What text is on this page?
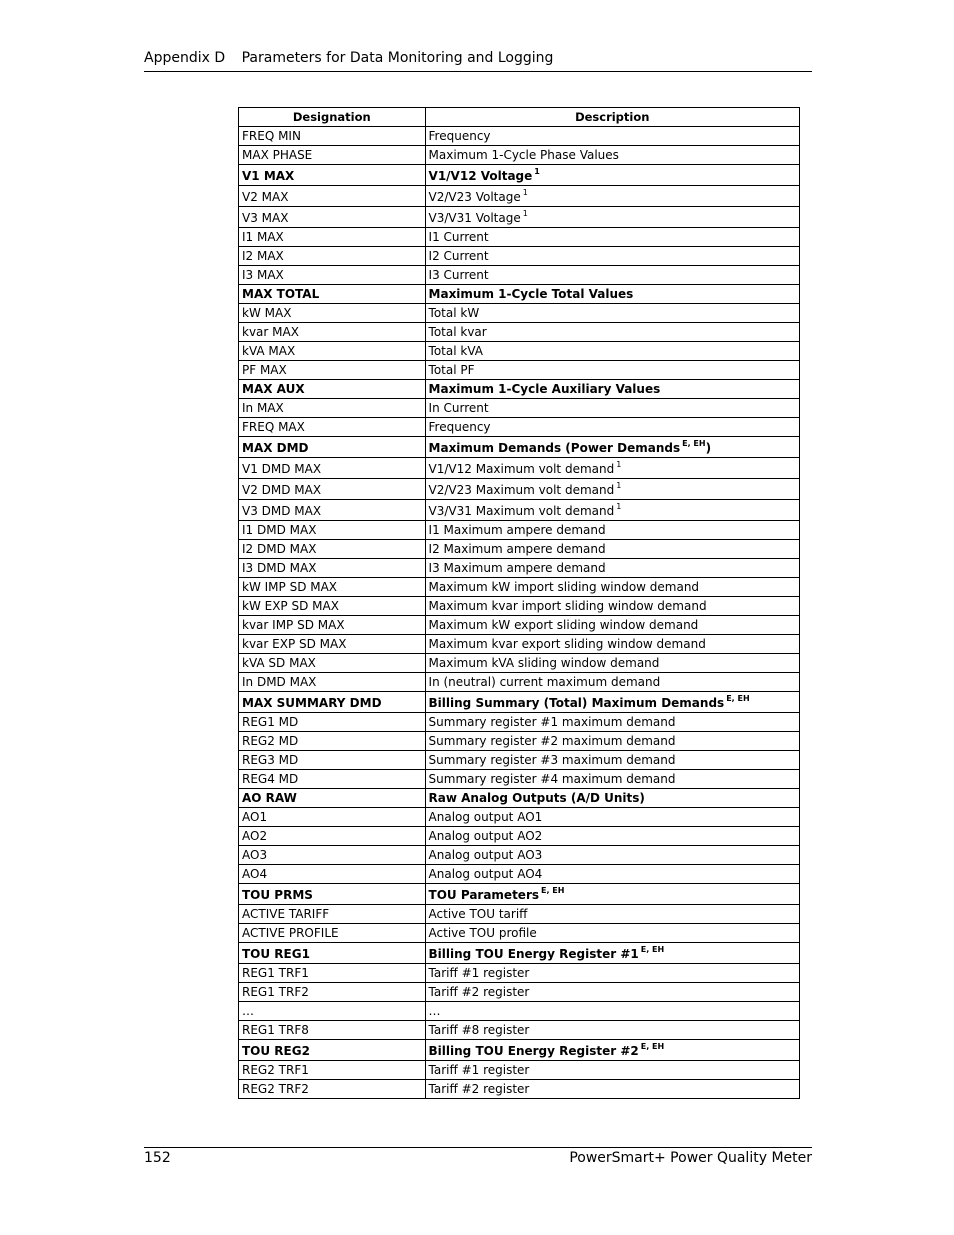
Appendix D Parameters for Data Monitoring and Logging
Designation	Description
FREQ MIN	Frequency
MAX PHASE	Maximum 1-Cycle Phase Values
V1 MAX	V1/V12 Voltage $^1$
V2 MAX	V2/V23 Voltage $^1$
V3 MAX	V3/V31 Voltage $^1$
I1 MAX	I1 Current
I2 MAX	I2 Current
I3 MAX	I3 Current
MAX TOTAL	Maximum 1-Cycle Total Values
kW MAX	Total kW
kvar MAX	Total kvar
kVA MAX	Total kVA
PF MAX	Total PF
MAX AUX	Maximum 1-Cycle Auxiliary Values
In MAX	In Current
FREQ MAX	Frequency
MAX DMD	Maximum Demands (Power Demands $^{E, EH}$)
V1 DMD MAX	V1/V12 Maximum volt demand $^1$
V2 DMD MAX	V2/V23 Maximum volt demand $^1$
V3 DMD MAX	V3/V31 Maximum volt demand $^1$
I1 DMD MAX	I1 Maximum ampere demand
I2 DMD MAX	I2 Maximum ampere demand
I3 DMD MAX	I3 Maximum ampere demand
kW IMP SD MAX	Maximum kW import sliding window demand
kW EXP SD MAX	Maximum kvar import sliding window demand
kvar IMP SD MAX	Maximum kW export sliding window demand
kvar EXP SD MAX	Maximum kvar export sliding window demand
kVA SD MAX	Maximum kVA sliding window demand
In DMD MAX	In (neutral) current maximum demand
MAX SUMMARY DMD	Billing Summary (Total) Maximum Demands $^{E, EH}$
REG1 MD	Summary register #1 maximum demand
REG2 MD	Summary register #2 maximum demand
REG3 MD	Summary register #3 maximum demand
REG4 MD	Summary register #4 maximum demand
AO RAW	Raw Analog Outputs (A/D Units)
AO1	Analog output AO1
AO2	Analog output AO2
AO3	Analog output AO3
AO4	Analog output AO4
TOU PRMS	TOU Parameters $^{E, EH}$
ACTIVE TARIFF	Active TOU tariff
ACTIVE PROFILE	Active TOU profile
TOU REG1	Billing TOU Energy Register #1 $^{E, EH}$
REG1 TRF1	Tariff #1 register
REG1 TRF2	Tariff #2 register
…	…
REG1 TRF8	Tariff #8 register
TOU REG2	Billing TOU Energy Register #2 $^{E, EH}$
REG2 TRF1	Tariff #1 register
REG2 TRF2	Tariff #2 register
152	PowerSmart+ Power Quality Meter
